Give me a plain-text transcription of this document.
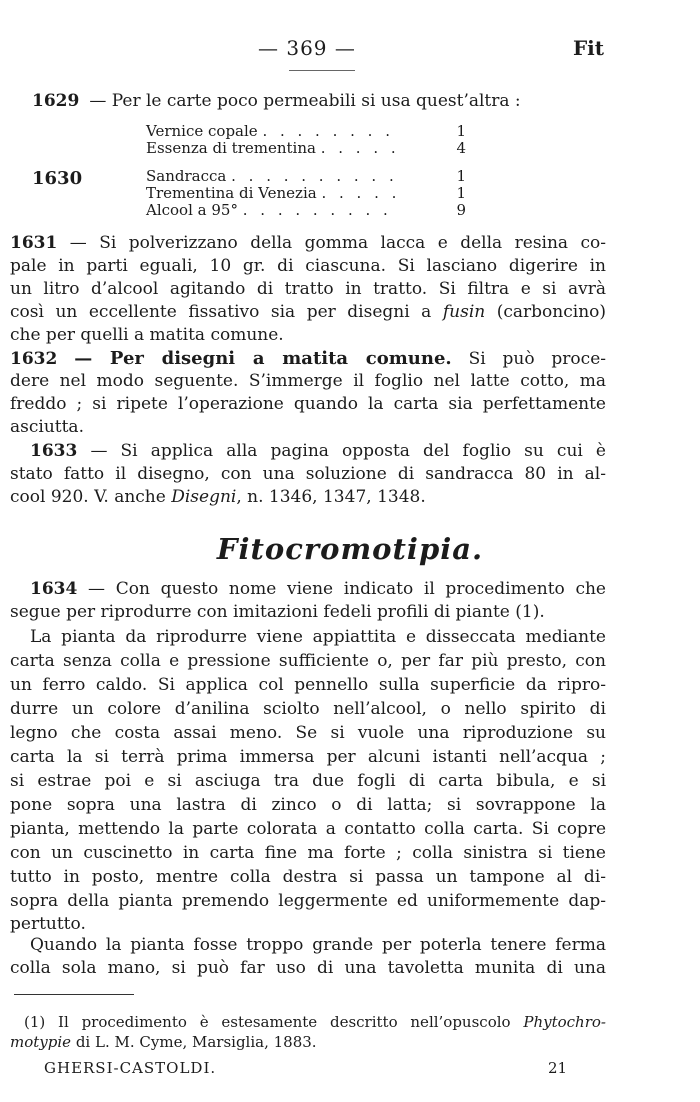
— 369 —	Fit
1629 — Per le carte poco permeabili si usa quest’altra :
Vernice copale . . . . . . . .	1
Essenza di trementina . . . . .	4
1630	Sandracca . . . . . . . . . .	1
Trementina di Venezia . . . . .	1
Alcool a 95° . . . . . . . . .	9
1631 — Si polverizzano della gomma lacca e della resina co-
pale in parti eguali, 10 gr. di ciascuna. Si lasciano digerire in
un litro d’alcool agitando di tratto in tratto. Si filtra e si avrà
così un eccellente fissativo sia per disegni a fusin (carboncino)
che per quelli a matita comune.
1632 — Per disegni a matita comune. Si può proce-
dere nel modo seguente. S’immerge il foglio nel latte cotto, ma
freddo ; si ripete l’operazione quando la carta sia perfettamente
asciutta.
1633 — Si applica alla pagina opposta del foglio su cui è
stato fatto il disegno, con una soluzione di sandracca 80 in al-
cool 920. V. anche Disegni, n. 1346, 1347, 1348.
Fitocromotipia.
1634 — Con questo nome viene indicato il procedimento che
segue per riprodurre con imitazioni fedeli profili di piante (1).
La pianta da riprodurre viene appiattita e disseccata mediante
carta senza colla e pressione sufficiente o, per far più presto, con
un ferro caldo. Si applica col pennello sulla superficie da ripro-
durre un colore d’anilina sciolto nell’alcool, o nello spirito di
legno che costa assai meno. Se si vuole una riproduzione su
carta la si terrà prima immersa per alcuni istanti nell’acqua ;
si estrae poi e si asciuga tra due fogli di carta bibula, e si
pone sopra una lastra di zinco o di latta; si sovrappone la
pianta, mettendo la parte colorata a contatto colla carta. Si copre
con un cuscinetto in carta fine ma forte ; colla sinistra si tiene
tutto in posto, mentre colla destra si passa un tampone al di-
sopra della pianta premendo leggermente ed uniformemente dap-
pertutto.
Quando la pianta fosse troppo grande per poterla tenere ferma
colla sola mano, si può far uso di una tavoletta munita di una
(1) Il procedimento è estesamente descritto nell’opuscolo Phytochro-
motypie di L. M. Cyme, Marsiglia, 1883.
GHERSI-CASTOLDI.	21
